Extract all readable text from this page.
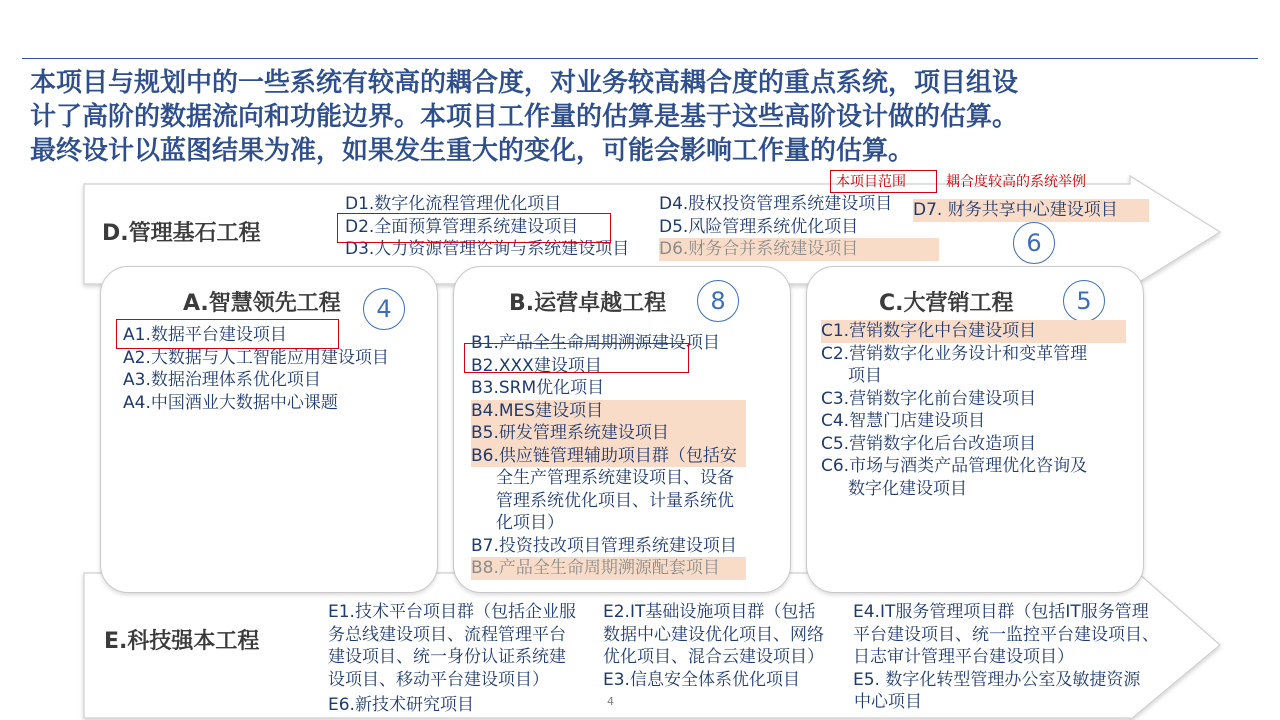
本项目与规划中的一些系统有较高的耦合度，对业务较高耦合度的重点系统，项目组设
计了高阶的数据流向和功能边界。本项目工作量的估算是基于这些高阶设计做的估算。
最终设计以蓝图结果为准，如果发生重大的变化，可能会影响工作量的估算。
本项目范围	耦合度较高的系统举例
D.管理基石工程
D1.数字化流程管理优化项目
D2.全面预算管理系统建设项目
D3.人力资源管理咨询与系统建设项目
D4.股权投资管理系统建设项目
D5.风险管理系统优化项目
D6.财务合并系统建设项目
D7. 财务共享中心建设项目
6
A.智慧领先工程	4
A1.数据平台建设项目
A2.大数据与人工智能应用建设项目
A3.数据治理体系优化项目
A4.中国酒业大数据中心课题
B.运营卓越工程	8
B1.产品全生命周期溯源建设项目
B2.XXX建设项目
B3.SRM优化项目
B4.MES建设项目
B5.研发管理系统建设项目
B6.供应链管理辅助项目群（包括安
全生产管理系统建设项目、设备
管理系统优化项目、计量系统优
化项目）
B7.投资技改项目管理系统建设项目
B8.产品全生命周期溯源配套项目
C.大营销工程	5
C1.营销数字化中台建设项目
C2.营销数字化业务设计和变革管理
项目
C3.营销数字化前台建设项目
C4.智慧门店建设项目
C5.营销数字化后台改造项目
C6.市场与酒类产品管理优化咨询及
数字化建设项目
E.科技强本工程
E1.技术平台项目群（包括企业服
务总线建设项目、流程管理平台
建设项目、统一身份认证系统建
设项目、移动平台建设项目）
E6.新技术研究项目
E2.IT基础设施项目群（包括
数据中心建设优化项目、网络
优化项目、混合云建设项目）
E3.信息安全体系优化项目
E4.IT服务管理项目群（包括IT服务管理
平台建设项目、统一监控平台建设项目、
日志审计管理平台建设项目）
E5. 数字化转型管理办公室及敏捷资源
中心项目
4
